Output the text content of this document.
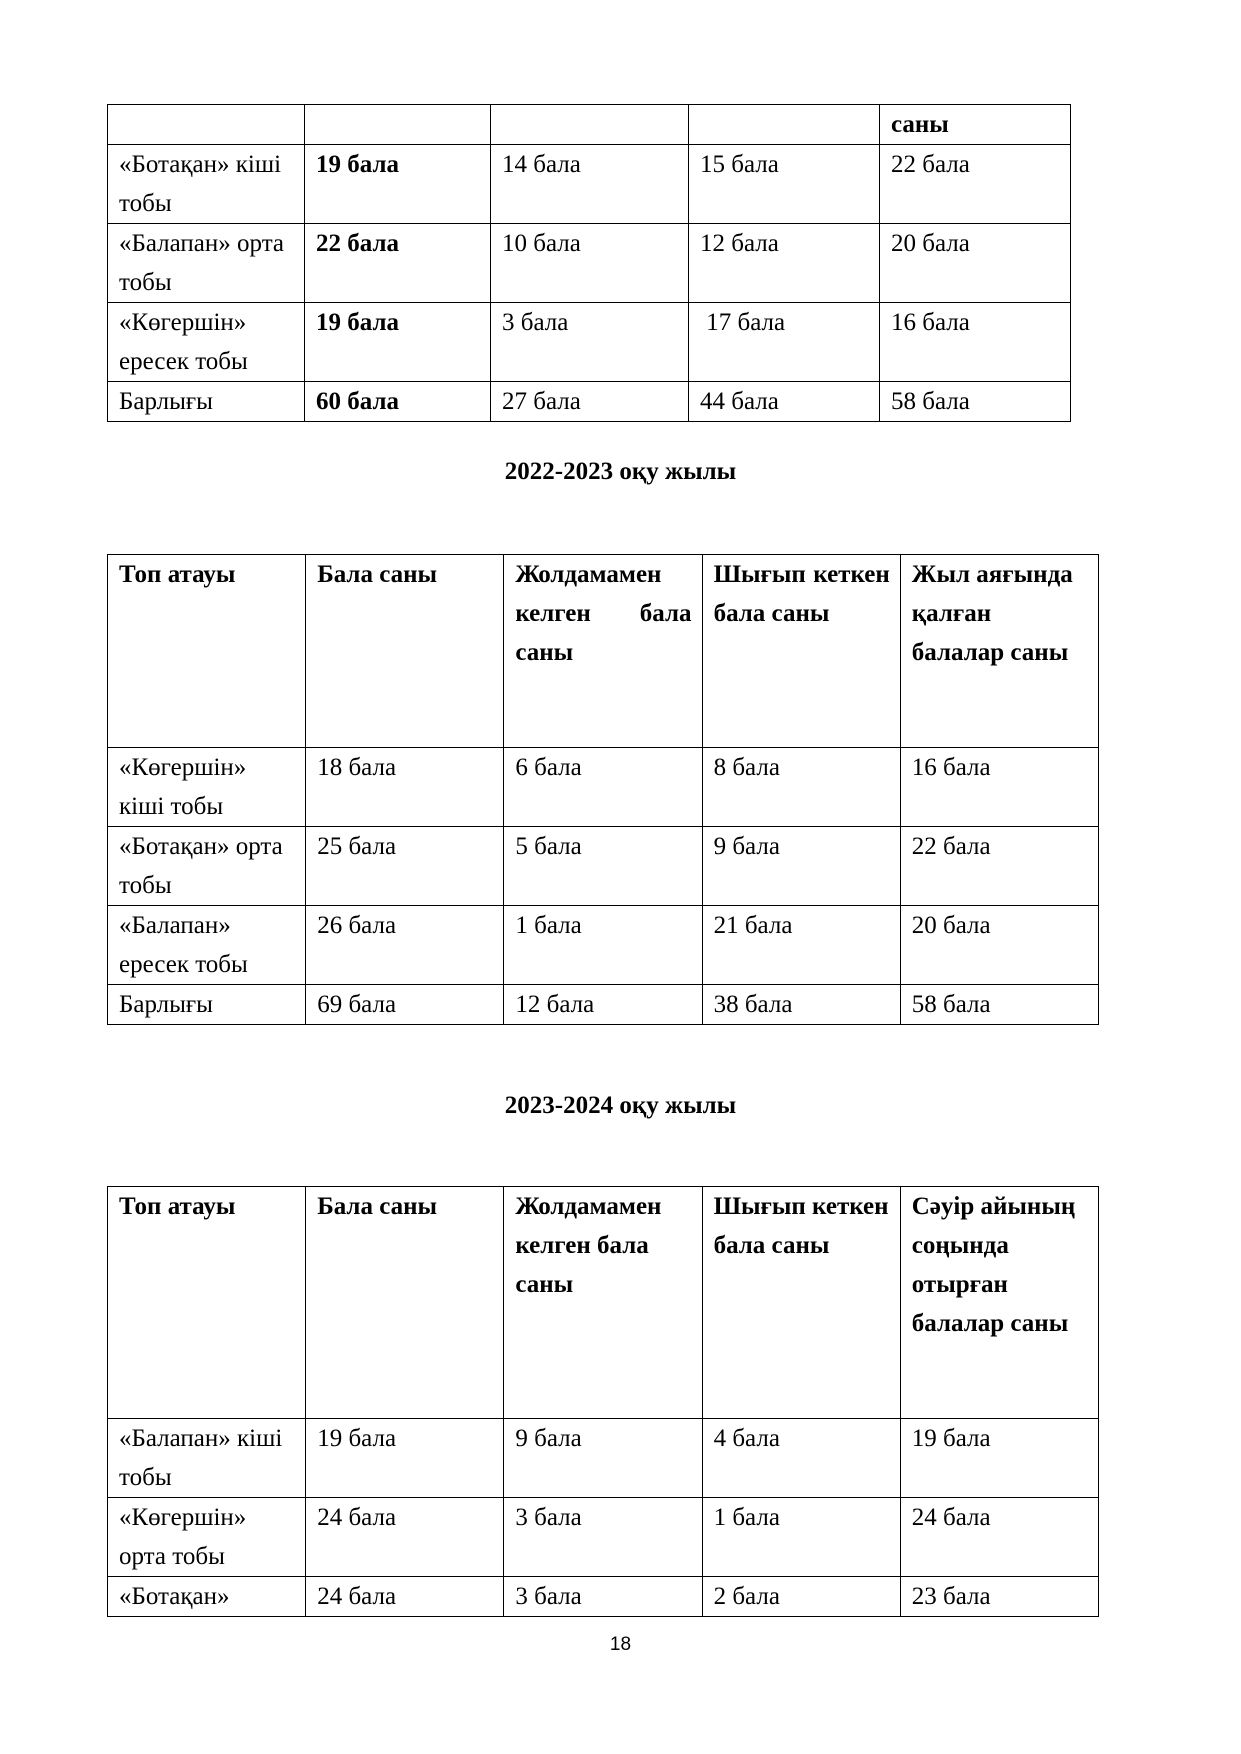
				саны
«Ботақан» кіші тобы	19 бала	14 бала	15 бала	22 бала
«Балапан» орта тобы	22 бала	10 бала	12 бала	20 бала
«Көгершін» ересек тобы	19 бала	3 бала	17 бала	16 бала
Барлығы	60 бала	27 бала	44 бала	58 бала
2022-2023 оқу жылы
Топ атауы	Бала саны	Жолдамамен келген бала саны	Шығып кеткен бала саны	Жыл аяғында қалған балалар саны
«Көгершін» кіші тобы	18 бала	6 бала	8 бала	16 бала
«Ботақан» орта тобы	25 бала	5 бала	9 бала	22 бала
«Балапан» ересек тобы	26 бала	1 бала	21 бала	20 бала
Барлығы	69 бала	12 бала	38 бала	58 бала
2023-2024 оқу жылы
Топ атауы	Бала саны	Жолдамамен келген бала саны	Шығып кеткен бала саны	Сәуір айының соңында отырған балалар саны
«Балапан» кіші тобы	19 бала	9 бала	4 бала	19 бала
«Көгершін» орта тобы	24 бала	3 бала	1 бала	24 бала
«Ботақан»	24 бала	3 бала	2 бала	23 бала
18
